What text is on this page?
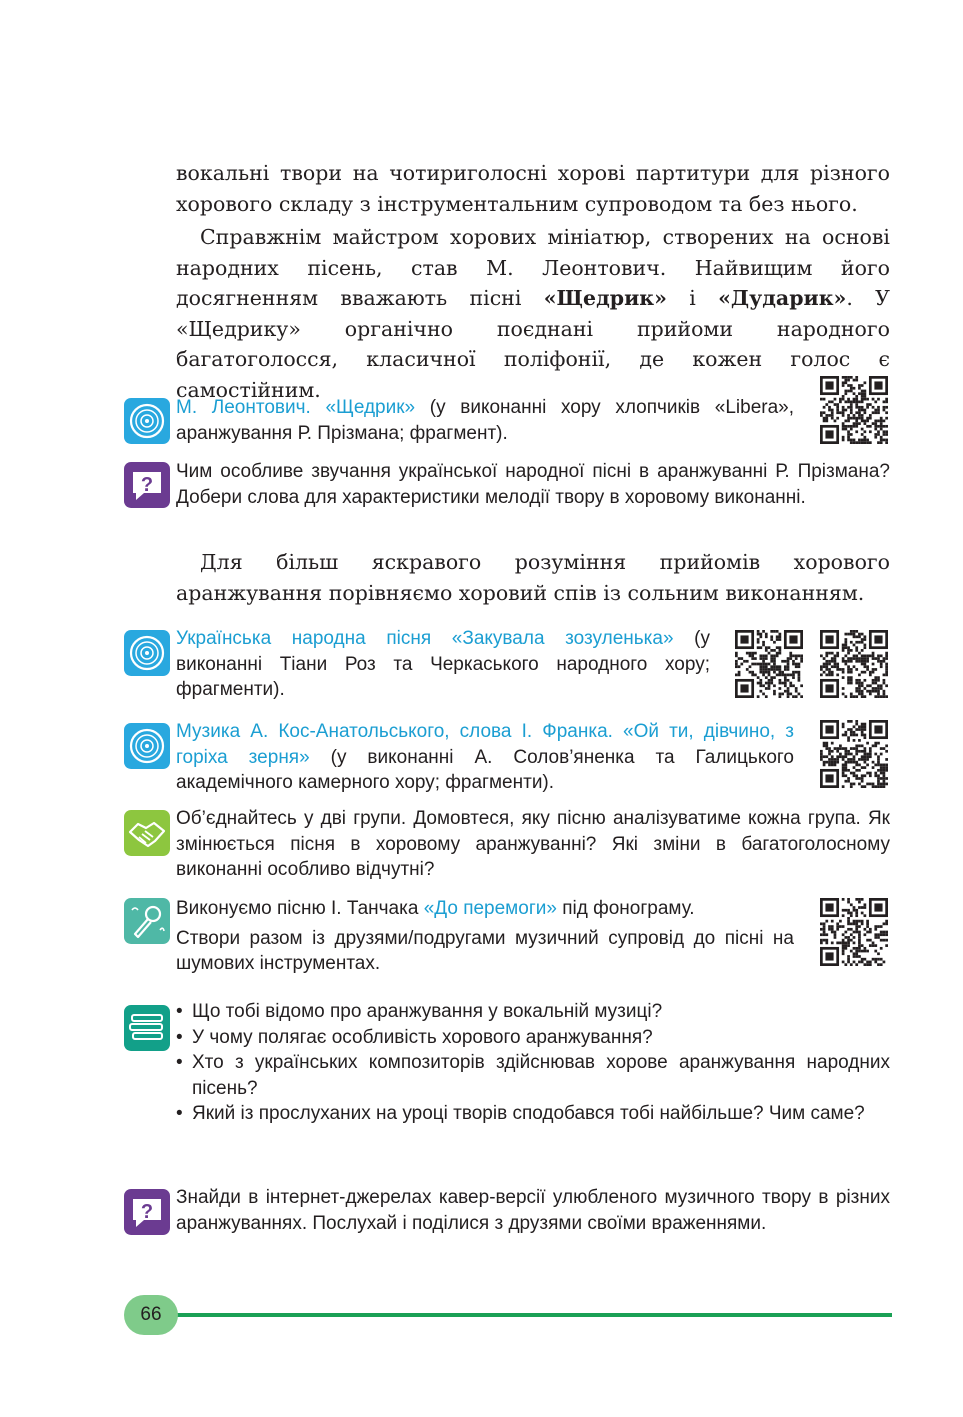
вокальні твори на чотириголосні хорові партитури для різного хорового складу з інструментальним супроводом та без нього.
Справжнім майстром хорових мініатюр, створених на основі народних пісень, став М. Леонтович. Найвищим його досягненням вважають пісні «Щедрик» і «Дударик». У «Щедрику» органічно поєднані прийоми народного багатоголосся, класичної поліфонії, де кожен голос є самостійним.
М. Леонтович. «Щедрик» (у виконанні хору хлопчиків «Libera», аранжування Р. Прізмана; фрагмент).
?
Чим особливе звучання української народної пісні в аранжуванні Р. Прізмана? Добери слова для характеристики мелодії твору в хоровому виконанні.
Для більш яскравого розуміння прийомів хорового аранжування порівняємо хоровий спів із сольним виконанням.
Українська народна пісня «Закувала зозуленька» (у виконанні Тіани Роз та Черкаського народного хору; фрагменти).
Музика А. Кос-Анатольського, слова І. Франка. «Ой ти, дівчино, з горіха зерня» (у виконанні А. Солов’яненка та Галицького академічного камерного хору; фрагменти).
Об’єднайтесь у дві групи. Домовтеся, яку пісню аналізуватиме кожна група. Як змінюється пісня в хоровому аранжуванні? Які зміни в багатоголосному виконанні особливо відчутні?
Виконуємо пісню І. Танчака «До перемоги» під фонограму.
Створи разом із друзями/подругами музичний супровід до пісні на шумових інструментах.
• Що тобі відомо про аранжування у вокальній музиці?
• У чому полягає особливість хорового аранжування?
• Хто з українських композиторів здійснював хорове аранжування народних пісень?
• Який із прослуханих на уроці творів сподобався тобі найбільше? Чим саме?
?
Знайди в інтернет-джерелах кавер-версії улюбленого музичного твору в різних аранжуваннях. Послухай і поділися з друзями своїми враженнями.
66
